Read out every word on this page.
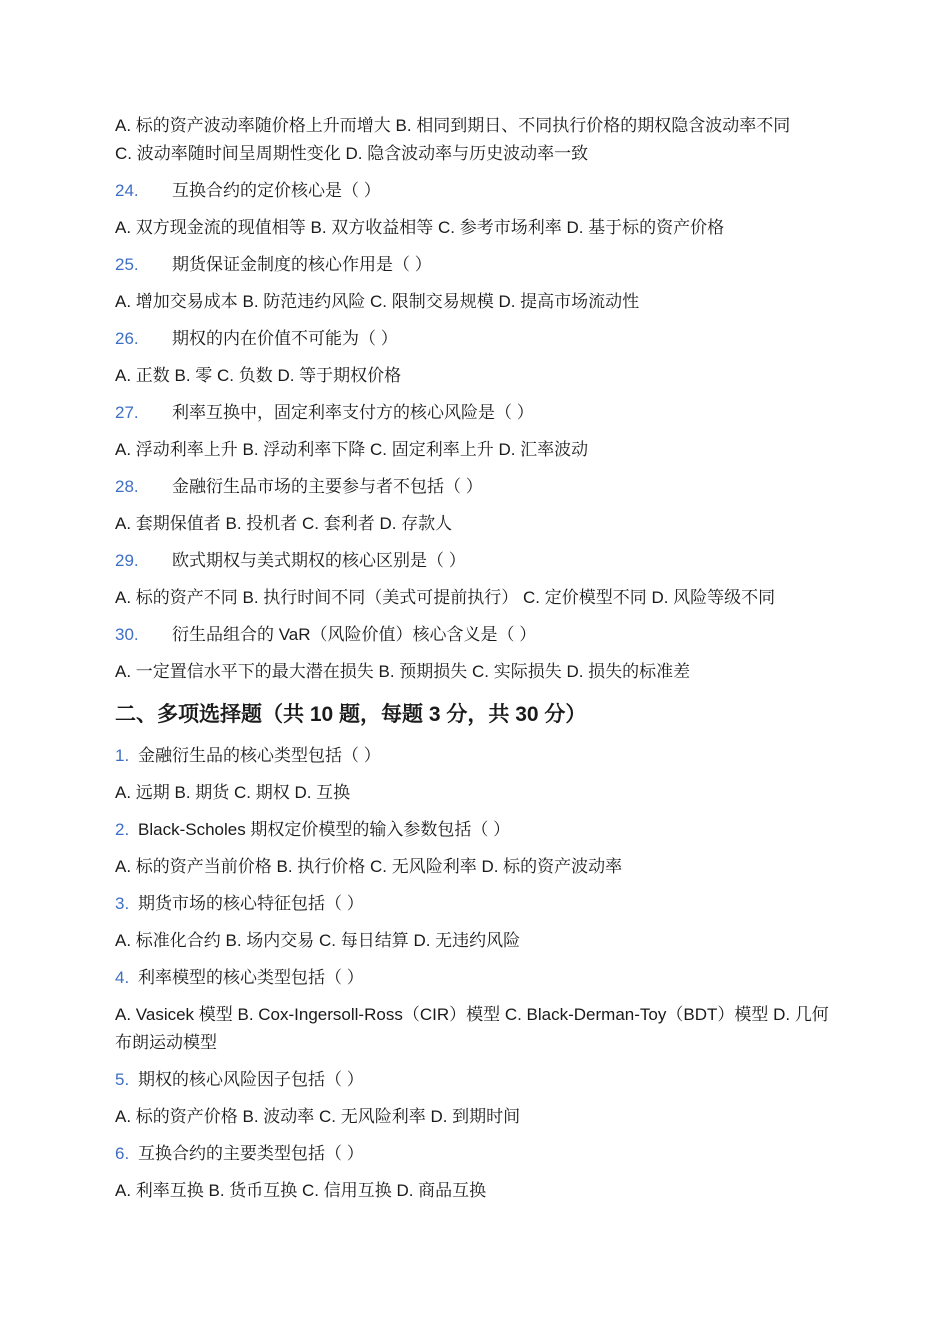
A. 标的资产波动率随价格上升而增大 B. 相同到期日、不同执行价格的期权隐含波动率不同
C. 波动率随时间呈周期性变化 D. 隐含波动率与历史波动率一致
24. 互换合约的定价核心是（ ）
A. 双方现金流的现值相等 B. 双方收益相等 C. 参考市场利率 D. 基于标的资产价格
25. 期货保证金制度的核心作用是（ ）
A. 增加交易成本 B. 防范违约风险 C. 限制交易规模 D. 提高市场流动性
26. 期权的内在价值不可能为（ ）
A. 正数 B. 零 C. 负数 D. 等于期权价格
27. 利率互换中，固定利率支付方的核心风险是（ ）
A. 浮动利率上升 B. 浮动利率下降 C. 固定利率上升 D. 汇率波动
28. 金融衍生品市场的主要参与者不包括（ ）
A. 套期保值者 B. 投机者 C. 套利者 D. 存款人
29. 欧式期权与美式期权的核心区别是（ ）
A. 标的资产不同 B. 执行时间不同（美式可提前执行） C. 定价模型不同 D. 风险等级不同
30. 衍生品组合的 VaR（风险价值）核心含义是（ ）
A. 一定置信水平下的最大潜在损失 B. 预期损失 C. 实际损失 D. 损失的标准差
二、多项选择题（共 10 题，每题 3 分，共 30 分）
1. 金融衍生品的核心类型包括（ ）
A. 远期 B. 期货 C. 期权 D. 互换
2. Black-Scholes 期权定价模型的输入参数包括（ ）
A. 标的资产当前价格 B. 执行价格 C. 无风险利率 D. 标的资产波动率
3. 期货市场的核心特征包括（ ）
A. 标准化合约 B. 场内交易 C. 每日结算 D. 无违约风险
4. 利率模型的核心类型包括（ ）
A. Vasicek 模型 B. Cox-Ingersoll-Ross（CIR）模型 C. Black-Derman-Toy（BDT）模型 D. 几何布朗运动模型
5. 期权的核心风险因子包括（ ）
A. 标的资产价格 B. 波动率 C. 无风险利率 D. 到期时间
6. 互换合约的主要类型包括（ ）
A. 利率互换 B. 货币互换 C. 信用互换 D. 商品互换
